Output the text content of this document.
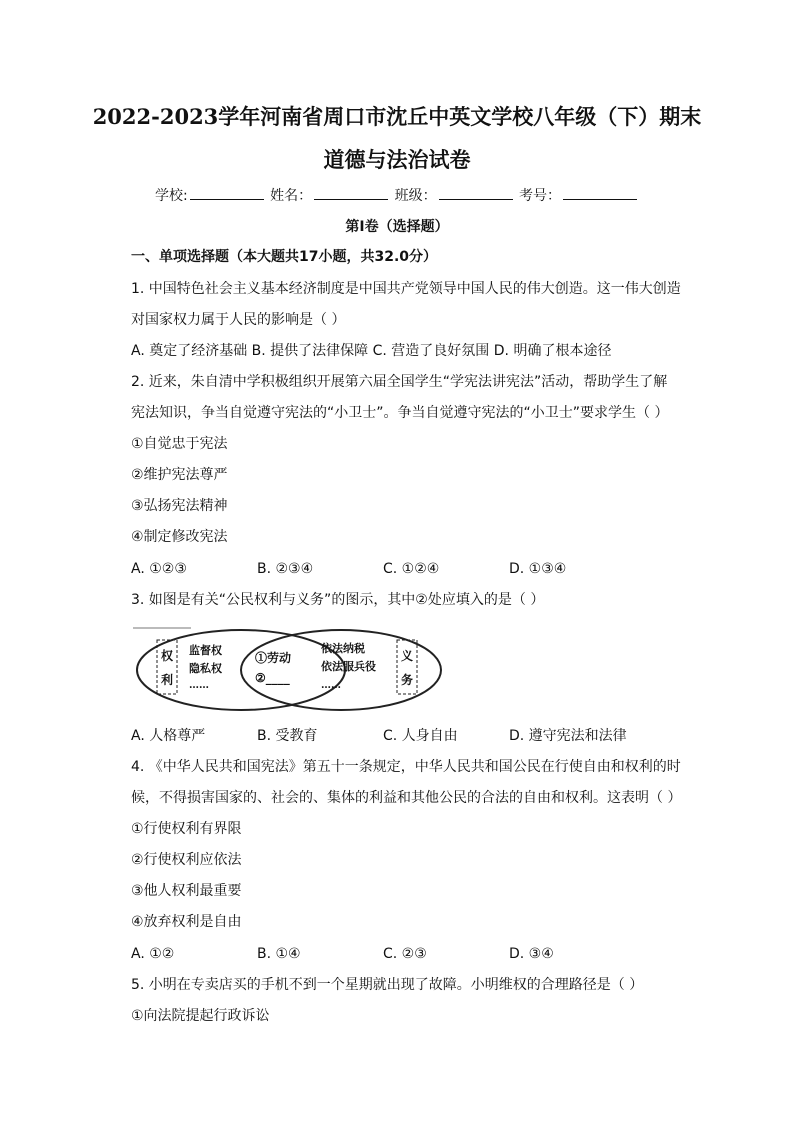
2022-2023学年河南省周口市沈丘中英文学校八年级（下）期末
道德与法治试卷
学校:	姓名：	班级：	考号：
第I卷（选择题）
一、单项选择题（本大题共17小题，共32.0分）
1. 中国特色社会主义基本经济制度是中国共产党领导中国人民的伟大创造。这一伟大创造
对国家权力属于人民的影响是（ ）
A. 奠定了经济基础 B. 提供了法律保障 C. 营造了良好氛围 D. 明确了根本途径
2. 近来，朱自清中学积极组织开展第六届全国学生“学宪法讲宪法”活动，帮助学生了解
宪法知识，争当自觉遵守宪法的“小卫士”。争当自觉遵守宪法的“小卫士”要求学生（ ）
①自觉忠于宪法
②维护宪法尊严
③弘扬宪法精神
④制定修改宪法
A. ①②③	B. ②③④	C. ①②④	D. ①③④
3. 如图是有关“公民权利与义务”的图示，其中②处应填入的是（ ）
权
利
监督权
隐私权
……
①劳动
②____
依法纳税
依法服兵役
……
义
务
A. 人格尊严	B. 受教育	C. 人身自由	D. 遵守宪法和法律
4. 《中华人民共和国宪法》第五十一条规定，中华人民共和国公民在行使自由和权利的时
候，不得损害国家的、社会的、集体的利益和其他公民的合法的自由和权利。这表明（ ）
①行使权利有界限
②行使权利应依法
③他人权利最重要
④放弃权利是自由
A. ①②	B. ①④	C. ②③	D. ③④
5. 小明在专卖店买的手机不到一个星期就出现了故障。小明维权的合理路径是（ ）
①向法院提起行政诉讼
